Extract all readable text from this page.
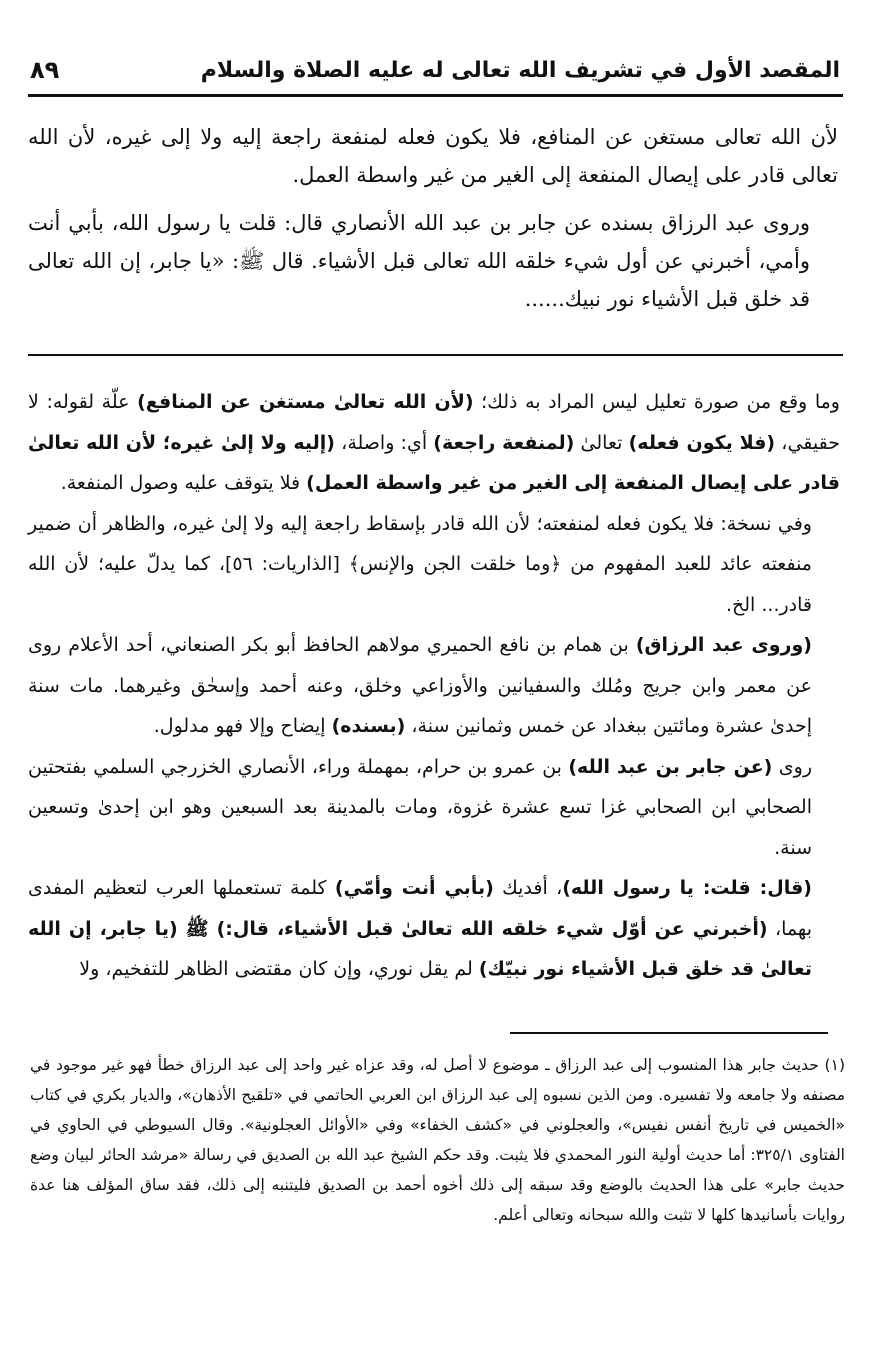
المقصد الأول في تشريف الله تعالى له عليه الصلاة والسلام
٨٩

لأن الله تعالى مستغن عن المنافع، فلا يكون فعله لمنفعة راجعة إليه ولا إلى غيره، لأن الله تعالى قادر على إيصال المنفعة إلى الغير من غير واسطة العمل.

وروى عبد الرزاق بسنده عن جابر بن عبد الله الأنصاري قال: قلت يا رسول الله، بأبي أنت وأمي، أخبرني عن أول شيء خلقه الله تعالى قبل الأشياء. قال ﷺ: «يا جابر، إن الله تعالى قد خلق قبل الأشياء نور نبيك......

وما وقع من صورة تعليل ليس المراد به ذلك؛ (لأن الله تعالىٰ مستغن عن المنافع) علّة لقوله: لا حقيقي، (فلا يكون فعله) تعالىٰ (لمنفعة راجعة) أي: واصلة، (إليه ولا إلىٰ غيره؛ لأن الله تعالىٰ قادر على إيصال المنفعة إلى الغير من غير واسطة العمل) فلا يتوقف عليه وصول المنفعة.

وفي نسخة: فلا يكون فعله لمنفعته؛ لأن الله قادر بإسقاط راجعة إليه ولا إلىٰ غيره، والظاهر أن ضمير منفعته عائد للعبد المفهوم من ﴿وما خلقت الجن والإنس﴾ [الذاريات: ٥٦]، كما يدلّ عليه؛ لأن الله قادر... الخ.

(وروى عبد الرزاق) بن همام بن نافع الحميري مولاهم الحافظ أبو بكر الصنعاني، أحد الأعلام روى عن معمر وابن جريج ومُلك والسفيانين والأوزاعي وخلق، وعنه أحمد وإسحٰق وغيرهما. مات سنة إحدىٰ عشرة ومائتين ببغداد عن خمس وثمانين سنة، (بسنده) إيضاح وإلا فهو مدلول.

روى (عن جابر بن عبد الله) بن عمرو بن حرام، بمهملة وراء، الأنصاري الخزرجي السلمي بفتحتين الصحابي ابن الصحابي غزا تسع عشرة غزوة، ومات بالمدينة بعد السبعين وهو ابن إحدىٰ وتسعين سنة.

(قال: قلت: يا رسول الله)، أفديك (بأبي أنت وأمّي) كلمة تستعملها العرب لتعظيم المفدى بهما، (أخبرني عن أوّل شيء خلقه الله تعالىٰ قبل الأشياء، قال:) ﷺ (يا جابر، إن الله تعالىٰ قد خلق قبل الأشياء نور نبيّك) لم يقل نوري، وإن كان مقتضى الظاهر للتفخيم، ولا

(١) حديث جابر هذا المنسوب إلى عبد الرزاق ـ موضوع لا أصل له، وقد عزاه غير واحد إلى عبد الرزاق خطأ فهو غير موجود في مصنفه ولا جامعه ولا تفسيره. ومن الذين نسبوه إلى عبد الرزاق ابن العربي الحاتمي في «تلقيح الأذهان»، والديار بكري في كتاب «الخميس في تاريخ أنفس نفيس»، والعجلوني في «كشف الخفاء» وفي «الأوائل العجلونية». وقال السيوطي في الحاوي في الفتاوى ٣٢٥/١: أما حديث أولية النور المحمدي فلا يثبت. وقد حكم الشيخ عبد الله بن الصديق في رسالة «مرشد الحائر لبيان وضع حديث جابر» على هذا الحديث بالوضع وقد سبقه إلى ذلك أخوه أحمد بن الصديق فليتنبه إلى ذلك، فقد ساق المؤلف هنا عدة روايات بأسانيدها كلها لا تثبت والله سبحانه وتعالى أعلم.
